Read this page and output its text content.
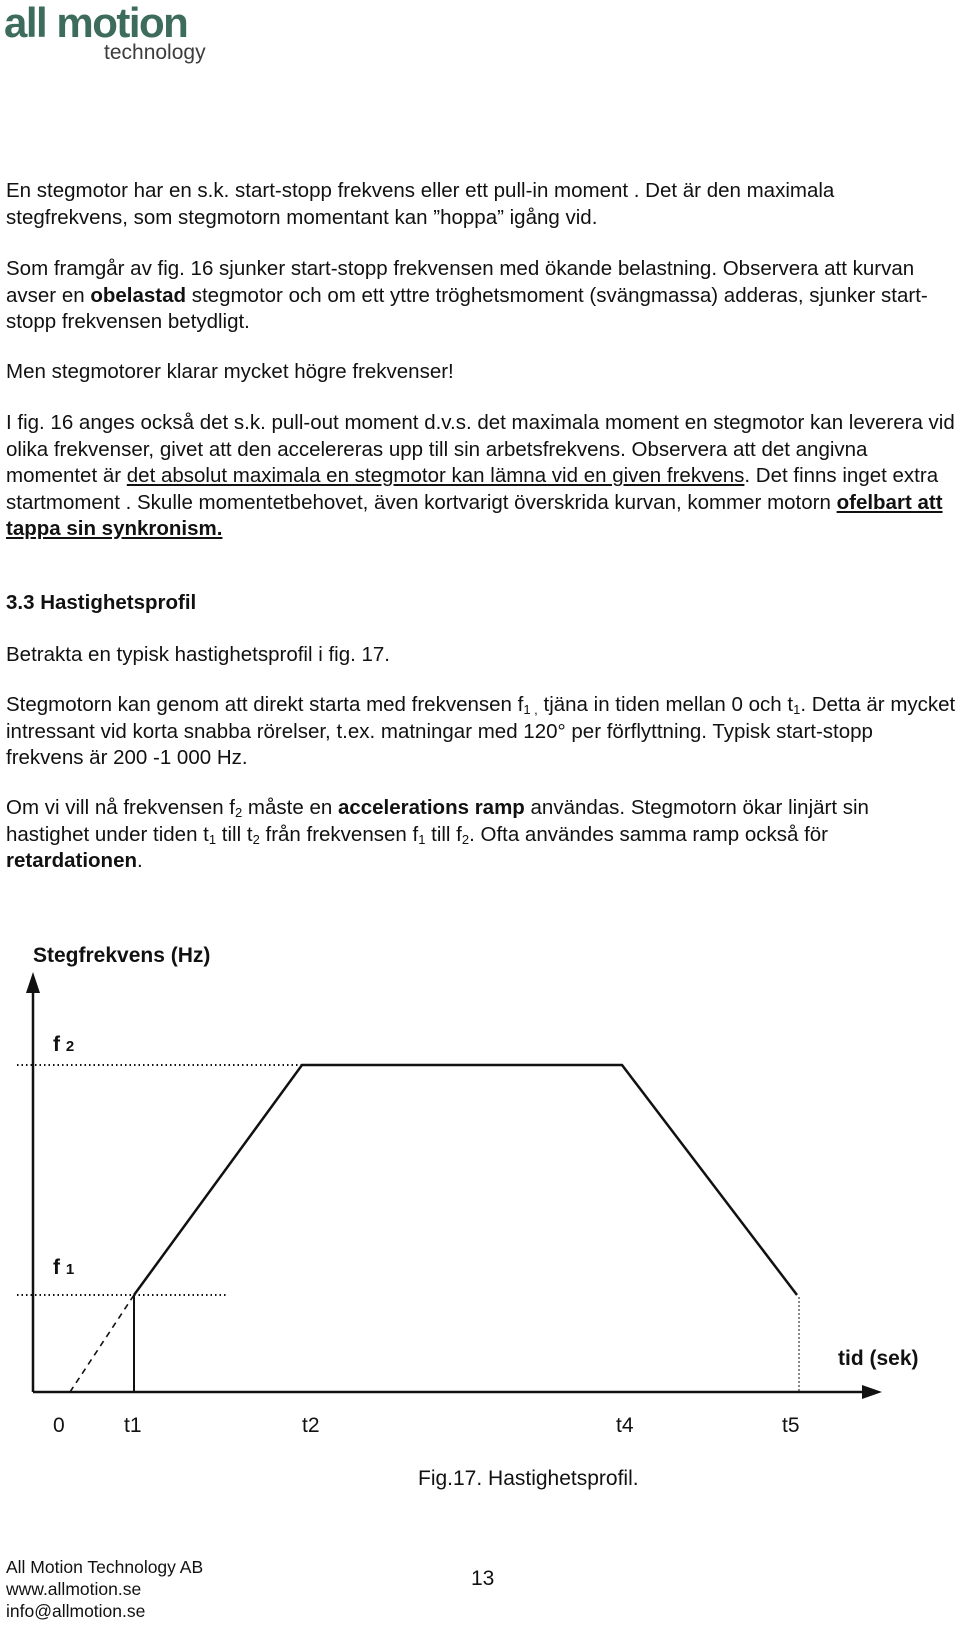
all motion
technology

En stegmotor har en s.k. start-stopp frekvens eller ett pull-in moment . Det är den maximala stegfrekvens, som stegmotorn momentant kan ”hoppa” igång vid.

Som framgår av fig. 16 sjunker start-stopp frekvensen med ökande belastning. Observera att kurvan avser en obelastad stegmotor och om ett yttre tröghetsmoment (svängmassa) adderas, sjunker start-stopp frekvensen betydligt.

Men stegmotorer klarar mycket högre frekvenser!

I fig. 16 anges också det s.k. pull-out moment d.v.s. det maximala moment en stegmotor kan leverera vid olika frekvenser, givet att den accelereras upp till sin arbetsfrekvens. Observera att det angivna momentet är det absolut maximala en stegmotor kan lämna vid en given frekvens. Det finns inget extra startmoment . Skulle momentetbehovet, även kortvarigt överskrida kurvan, kommer motorn ofelbart att tappa sin synkronism.

3.3 Hastighetsprofil

Betrakta en typisk hastighetsprofil i fig. 17.

Stegmotorn kan genom att direkt starta med frekvensen $f_{1 ,}$ tjäna in tiden mellan 0 och $t_1$. Detta är mycket intressant vid korta snabba rörelser, t.ex. matningar med 120° per förflyttning. Typisk start-stopp frekvens är 200 -1 000 Hz.

Om vi vill nå frekvensen $f_2$ måste en accelerations ramp användas. Stegmotorn ökar linjärt sin hastighet under tiden $t_1$ till $t_2$ från frekvensen $f_1$ till $f_2$. Ofta användes samma ramp också för retardationen.

Stegfrekvens (Hz)
tid (sek)
f 2
f 1
0	t1	t2	t4	t5
Fig.17. Hastighetsprofil.
All Motion Technology AB
www.allmotion.se
info@allmotion.se
13
